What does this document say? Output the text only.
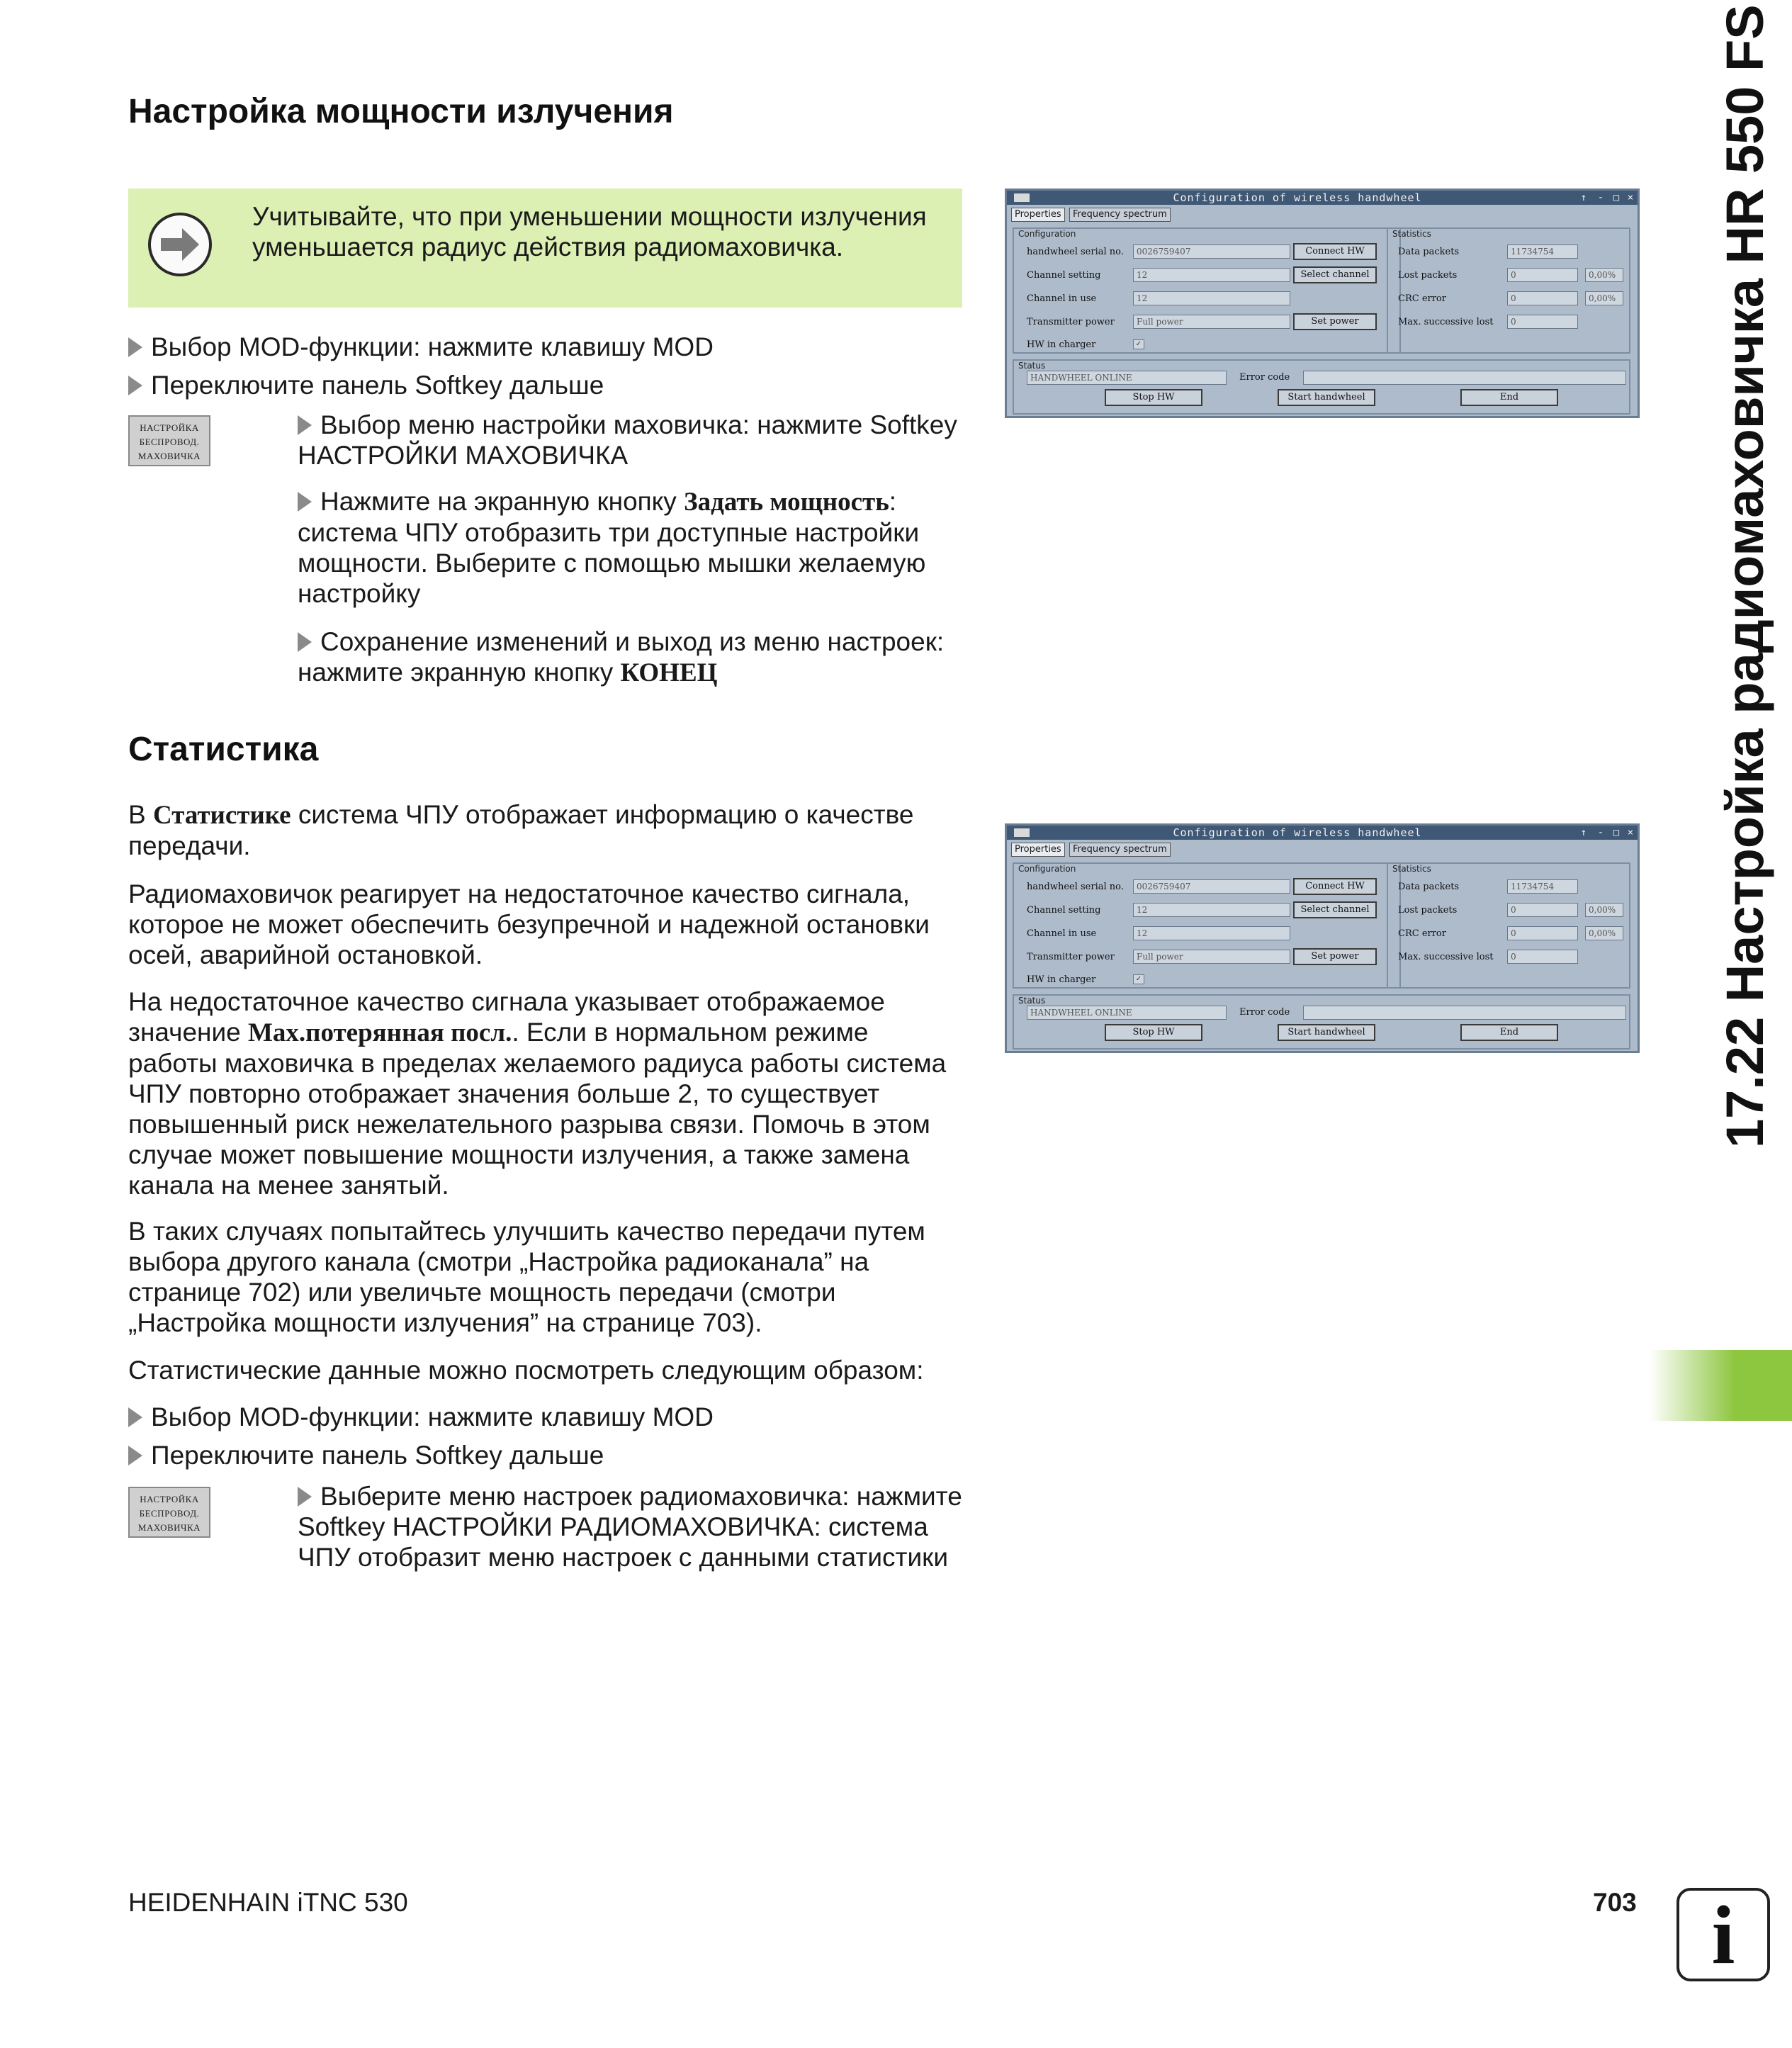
Настройка мощности излучения
Учитывайте, что при уменьшении мощности излучения уменьшается радиус действия радиомаховичка.
Выбор MOD-функции: нажмите клавишу MOD
Переключите панель Softkey дальше
НАСТРОЙКА
БЕСПРОВОД.
МАХОВИЧКА
Выбор меню настройки маховичка: нажмите Softkey НАСТРОЙКИ МАХОВИЧКА
Нажмите на экранную кнопку Задать мощность: система ЧПУ отобразить три доступные настройки мощности. Выберите с помощью мышки желаемую настройку
Сохранение изменений и выход из меню настроек: нажмите экранную кнопку КОНЕЦ
Статистика

В Статистике система ЧПУ отображает информацию о качестве передачи.

Радиомаховичок реагирует на недостаточное качество сигнала, которое не может обеспечить безупречной и надежной остановки осей, аварийной остановкой.

На недостаточное качество сигнала указывает отображаемое значение Max.потерянная посл.. Если в нормальном режиме работы маховичка в пределах желаемого радиуса работы система ЧПУ повторно отображает значения больше 2, то существует повышенный риск нежелательного разрыва связи. Помочь в этом случае может повышение мощности излучения, а также замена канала на менее занятый.

В таких случаях попытайтесь улучшить качество передачи путем выбора другого канала (смотри „Настройка радиоканала” на странице 702) или увеличьте мощность передачи (смотри „Настройка мощности излучения” на странице 703).

Статистические данные можно посмотреть следующим образом:

Выбор MOD-функции: нажмите клавишу MOD
Переключите панель Softkey дальше
НАСТРОЙКА
БЕСПРОВОД.
МАХОВИЧКА
Выберите меню настроек радиомаховичка: нажмите Softkey НАСТРОЙКИ РАДИОМАХОВИЧКА: система ЧПУ отобразит меню настроек с данными статистики
Configuration of wireless handwheel	↑	- □ ×
Properties	Frequency spectrum
Configuration
handwheel serial no.	0026759407	Connect HW
Channel setting	12	Select channel
Channel in use	12
Transmitter power	Full power	Set power
HW in charger	✓
Statistics
Data packets	11734754
Lost packets	0	0,00%
CRC error	0	0,00%
Max. successive lost	0
Status
HANDWHEEL ONLINE	Error code
Stop HW	Start handwheel	End
Configuration of wireless handwheel	↑	- □ ×
Properties	Frequency spectrum
Configuration
handwheel serial no.	0026759407	Connect HW
Channel setting	12	Select channel
Channel in use	12
Transmitter power	Full power	Set power
HW in charger	✓
Statistics
Data packets	11734754
Lost packets	0	0,00%
CRC error	0	0,00%
Max. successive lost	0
Status
HANDWHEEL ONLINE	Error code
Stop HW	Start handwheel	End	17.22 Настройка радиомаховичка HR 550 FS
HEIDENHAIN iTNC 530	703 i
